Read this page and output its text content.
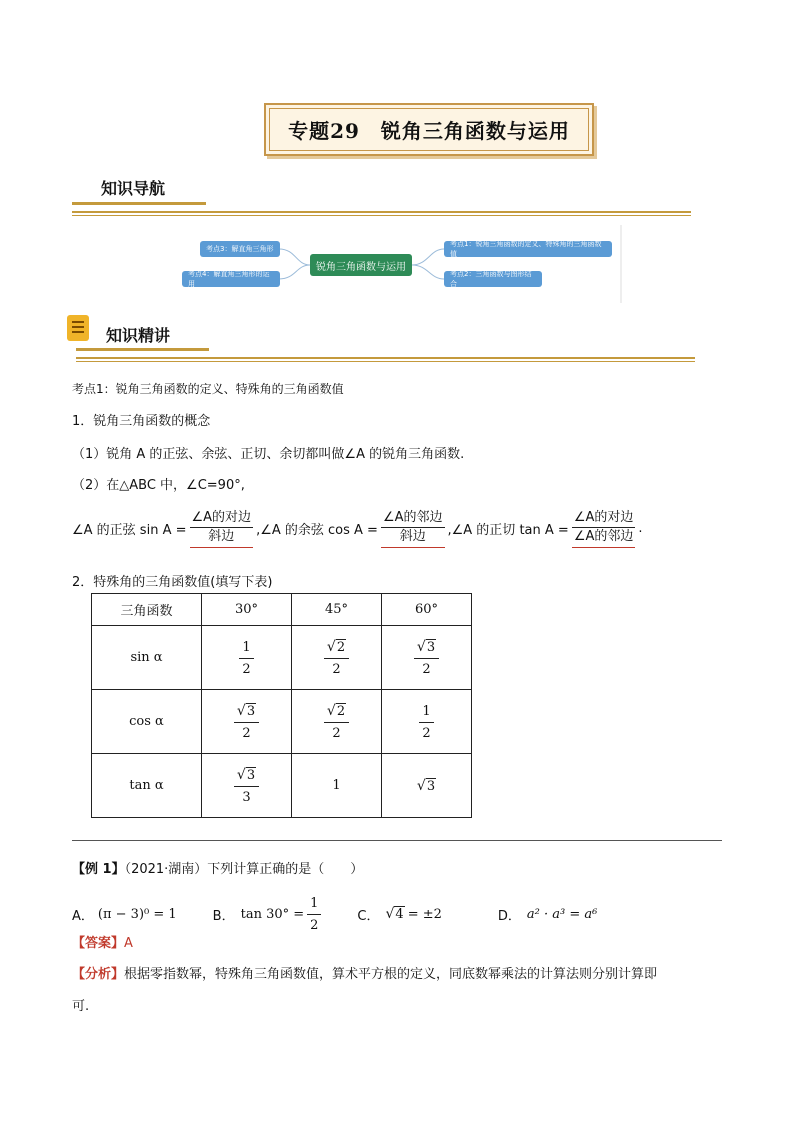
专题29　锐角三角函数与运用
知识导航
考点3：解直角三角形
考点4：解直角三角形的运用
锐角三角函数与运用
考点1：锐角三角函数的定义、特殊角的三角函数值
考点2：三角函数与图形结合
知识精讲
考点1：锐角三角函数的定义、特殊角的三角函数值
1．锐角三角函数的概念
（1）锐角 A 的正弦、余弦、正切、余切都叫做∠A 的锐角三角函数.
（2）在△ABC 中，∠C=90°,
∠A 的正弦 $\sin A = \frac{\text{∠A的对边}}{\text{斜边}}$ ,∠A 的余弦 $\cos A = \frac{\text{∠A的邻边}}{\text{斜边}}$ ,∠A 的正切 $\tan A = \frac{\text{∠A的对边}}{\text{∠A的邻边}}$ .
2．特殊角的三角函数值(填写下表)
三角函数	30°	45°	60°
sin α	$\frac{1}{2}$	$\frac{√ 2}{2}$	$\frac{√ 3}{2}$

cos α	$\frac{√ 3}{2}$	$\frac{√ 2}{2}$	$\frac{1}{2}$

tan α	$\frac{√ 3}{3}$	1	√ 3
【例 1】（2021·湖南）下列计算正确的是（　　）
A． (π − 3)⁰ = 1	B． $\tan 30^\circ = \frac{1}{2}$	C． √ 4 = ±2	D． a² · a³ = a⁶
【答案】A
【分析】根据零指数幂，特殊角三角函数值，算术平方根的定义，同底数幂乘法的计算法则分别计算即
可.
